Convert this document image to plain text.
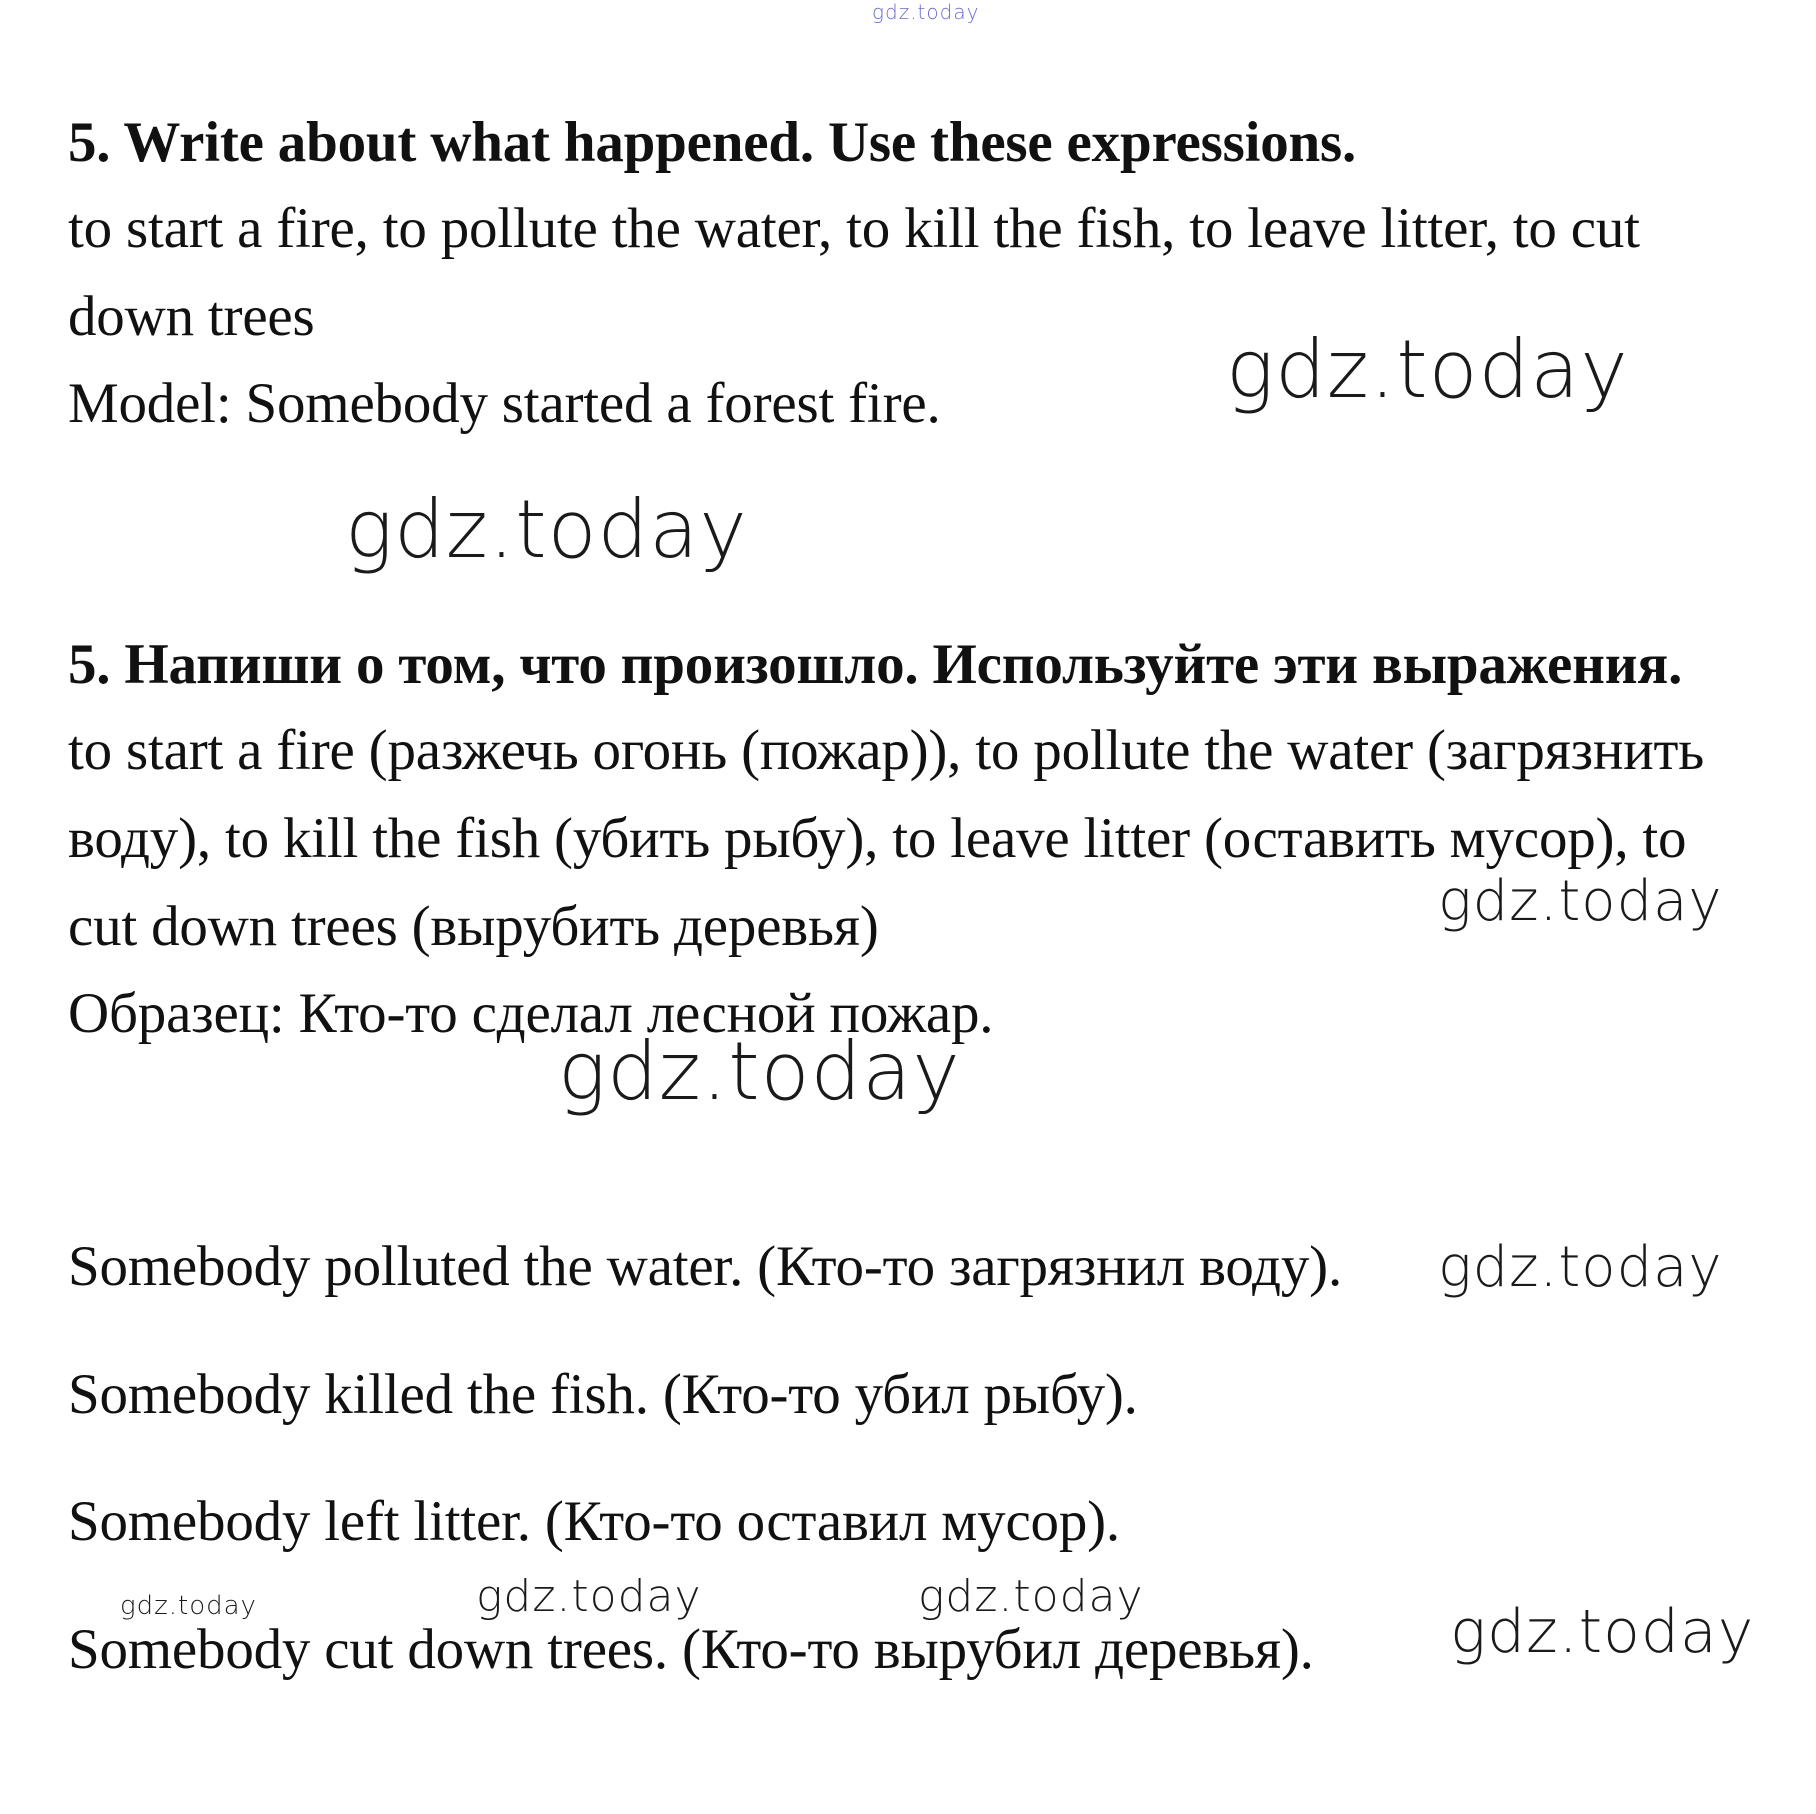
gdz.today
5. Write about what happened. Use these expressions.
to start a fire, to pollute the water, to kill the fish, to leave litter, to cut
down trees
Model: Somebody started a forest fire.	gdz.today
gdz.today
5. Напиши о том, что произошло. Используйте эти выражения.
to start a fire (разжечь огонь (пожар)), to pollute the water (загрязнить
воду), to kill the fish (убить рыбу), to leave litter (оставить мусор), to
cut down trees (вырубить деревья)
Образец: Кто-то сделал лесной пожар.
gdz.today
gdz.today
Somebody polluted the water. (Кто-то загрязнил воду).
Somebody killed the fish. (Кто-то убил рыбу).
Somebody left litter. (Кто-то оставил мусор).
Somebody cut down trees. (Кто-то вырубил деревья).
gdz.today
gdz.today	gdz.today	gdz.today
gdz.today
